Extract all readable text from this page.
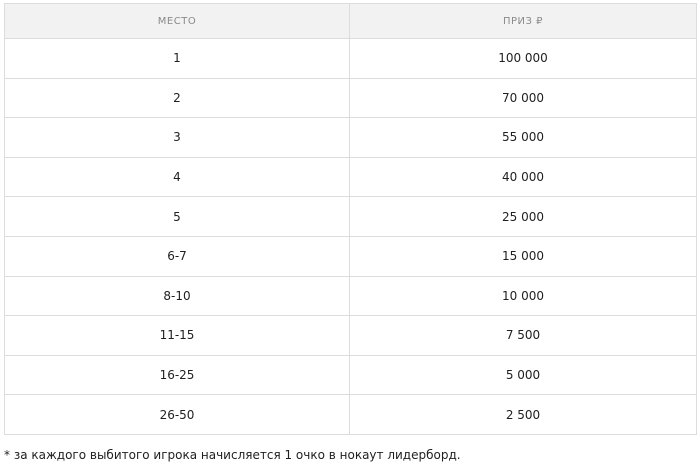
МЕСТО	ПРИЗ ₽
1	100 000
2	70 000
3	55 000
4	40 000
5	25 000
6-7	15 000
8-10	10 000
11-15	7 500
16-25	5 000
26-50	2 500
* за каждого выбитого игрока начисляется 1 очко в нокаут лидерборд.
